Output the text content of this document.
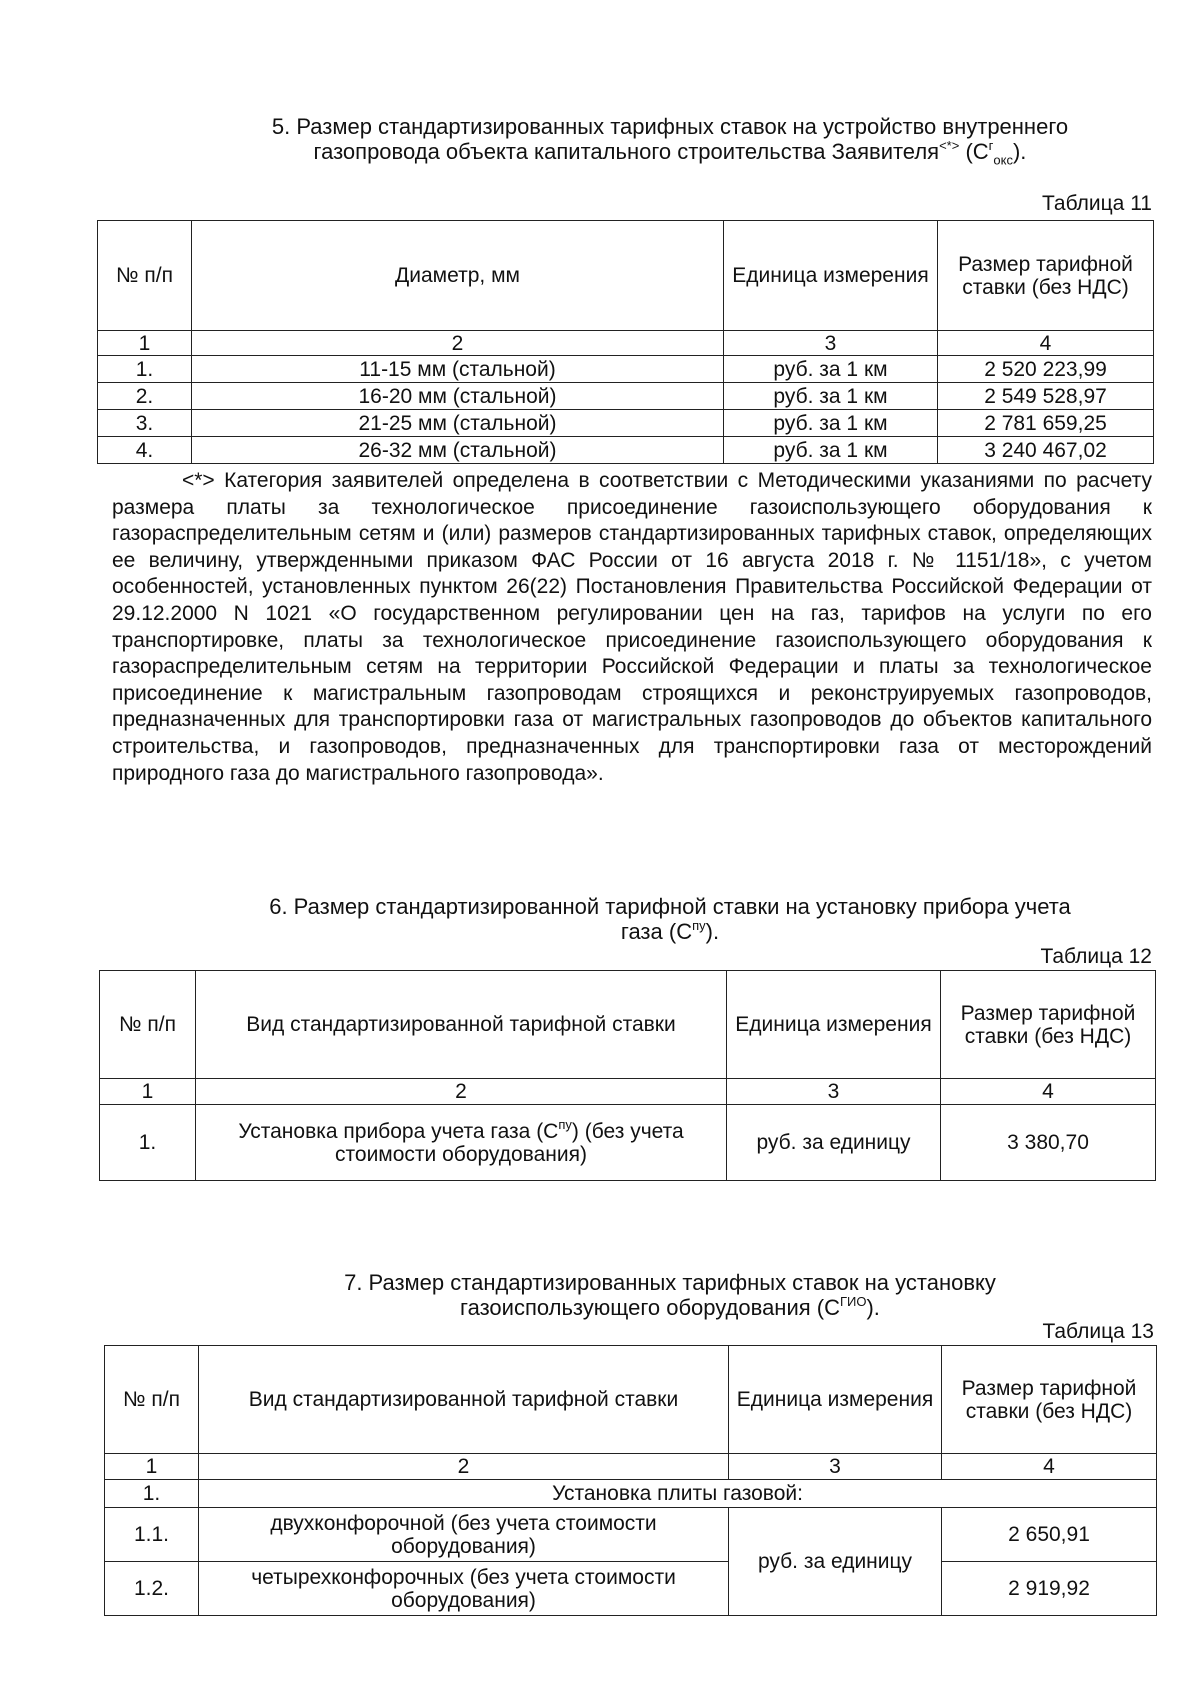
5. Размер стандартизированных тарифных ставок на устройство внутреннего
газопровода объекта капитального строительства Заявителя<*> $(C^г_{окс})$.
Таблица 11
№ п/п	Диаметр, мм	Единица измерения	Размер тарифной ставки (без НДС)
1	2	3	4
1.	11-15 мм (стальной)	руб. за 1 км	2 520 223,99
2.	16-20 мм (стальной)	руб. за 1 км	2 549 528,97
3.	21-25 мм (стальной)	руб. за 1 км	2 781 659,25
4.	26-32 мм (стальной)	руб. за 1 км	3 240 467,02
<*> Категория заявителей определена в соответствии с Методическими указаниями по расчету размера платы за технологическое присоединение газоиспользующего оборудования к газораспределительным сетям и (или) размеров стандартизированных тарифных ставок, определяющих ее величину, утвержденными приказом ФАС России от 16 августа 2018 г. № 1151/18», с учетом особенностей, установленных пунктом 26(22) Постановления Правительства Российской Федерации от 29.12.2000 N 1021 «О государственном регулировании цен на газ, тарифов на услуги по его транспортировке, платы за технологическое присоединение газоиспользующего оборудования к газораспределительным сетям на территории Российской Федерации и платы за технологическое присоединение к магистральным газопроводам строящихся и реконструируемых газопроводов, предназначенных для транспортировки газа от магистральных газопроводов до объектов капитального строительства, и газопроводов, предназначенных для транспортировки газа от месторождений природного газа до магистрального газопровода».
6. Размер стандартизированной тарифной ставки на установку прибора учета
газа $(C^{пу})$.
Таблица 12
№ п/п	Вид стандартизированной тарифной ставки	Единица измерения	Размер тарифной ставки (без НДС)
1	2	3	4
1.	Установка прибора учета газа $(C^{пу})$ (без учета стоимости оборудования)	руб. за единицу	3 380,70
7. Размер стандартизированных тарифных ставок на установку
газоиспользующего оборудования $(C^{ГИО})$.
Таблица 13
№ п/п	Вид стандартизированной тарифной ставки	Единица измерения	Размер тарифной ставки (без НДС)
1	2	3	4
1.	Установка плиты газовой:		
1.1.	двухконфорочной (без учета стоимости оборудования)	руб. за единицу	2 650,91
1.2.	четырехконфорочных (без учета стоимости оборудования)		2 919,92
